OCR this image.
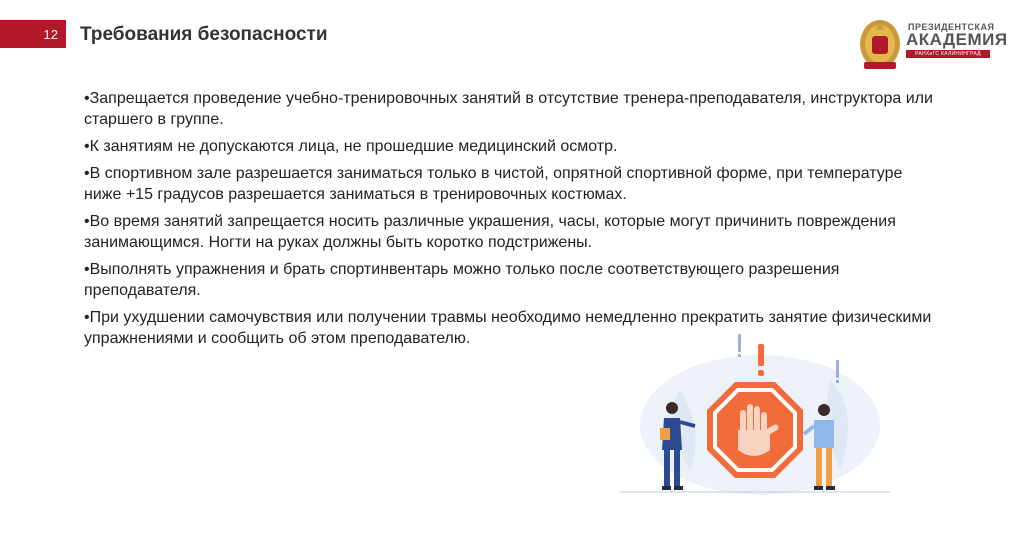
12	Требования безопасности	ПРЕЗИДЕНТСКАЯ
АКАДЕМИЯ
РАНХиГС КАЛИНИНГРАД
• Запрещается проведение учебно-тренировочных занятий в отсутствие тренера-преподавателя, инструктора или старшего в группе.
• К занятиям не допускаются лица, не прошедшие медицинский осмотр.
• В спортивном зале разрешается заниматься только в чистой, опрятной спортивной форме, при температуре ниже +15 градусов разрешается заниматься в тренировочных костюмах.
• Во время занятий запрещается носить различные украшения, часы, которые могут причинить повреждения занимающимся. Ногти на руках должны быть коротко подстрижены.
• Выполнять упражнения и брать спортинвентарь можно только после соответствующего разрешения преподавателя.
• При ухудшении самочувствия или получении травмы необходимо немедленно прекратить занятие физическими упражнениями и сообщить об этом преподавателю.
